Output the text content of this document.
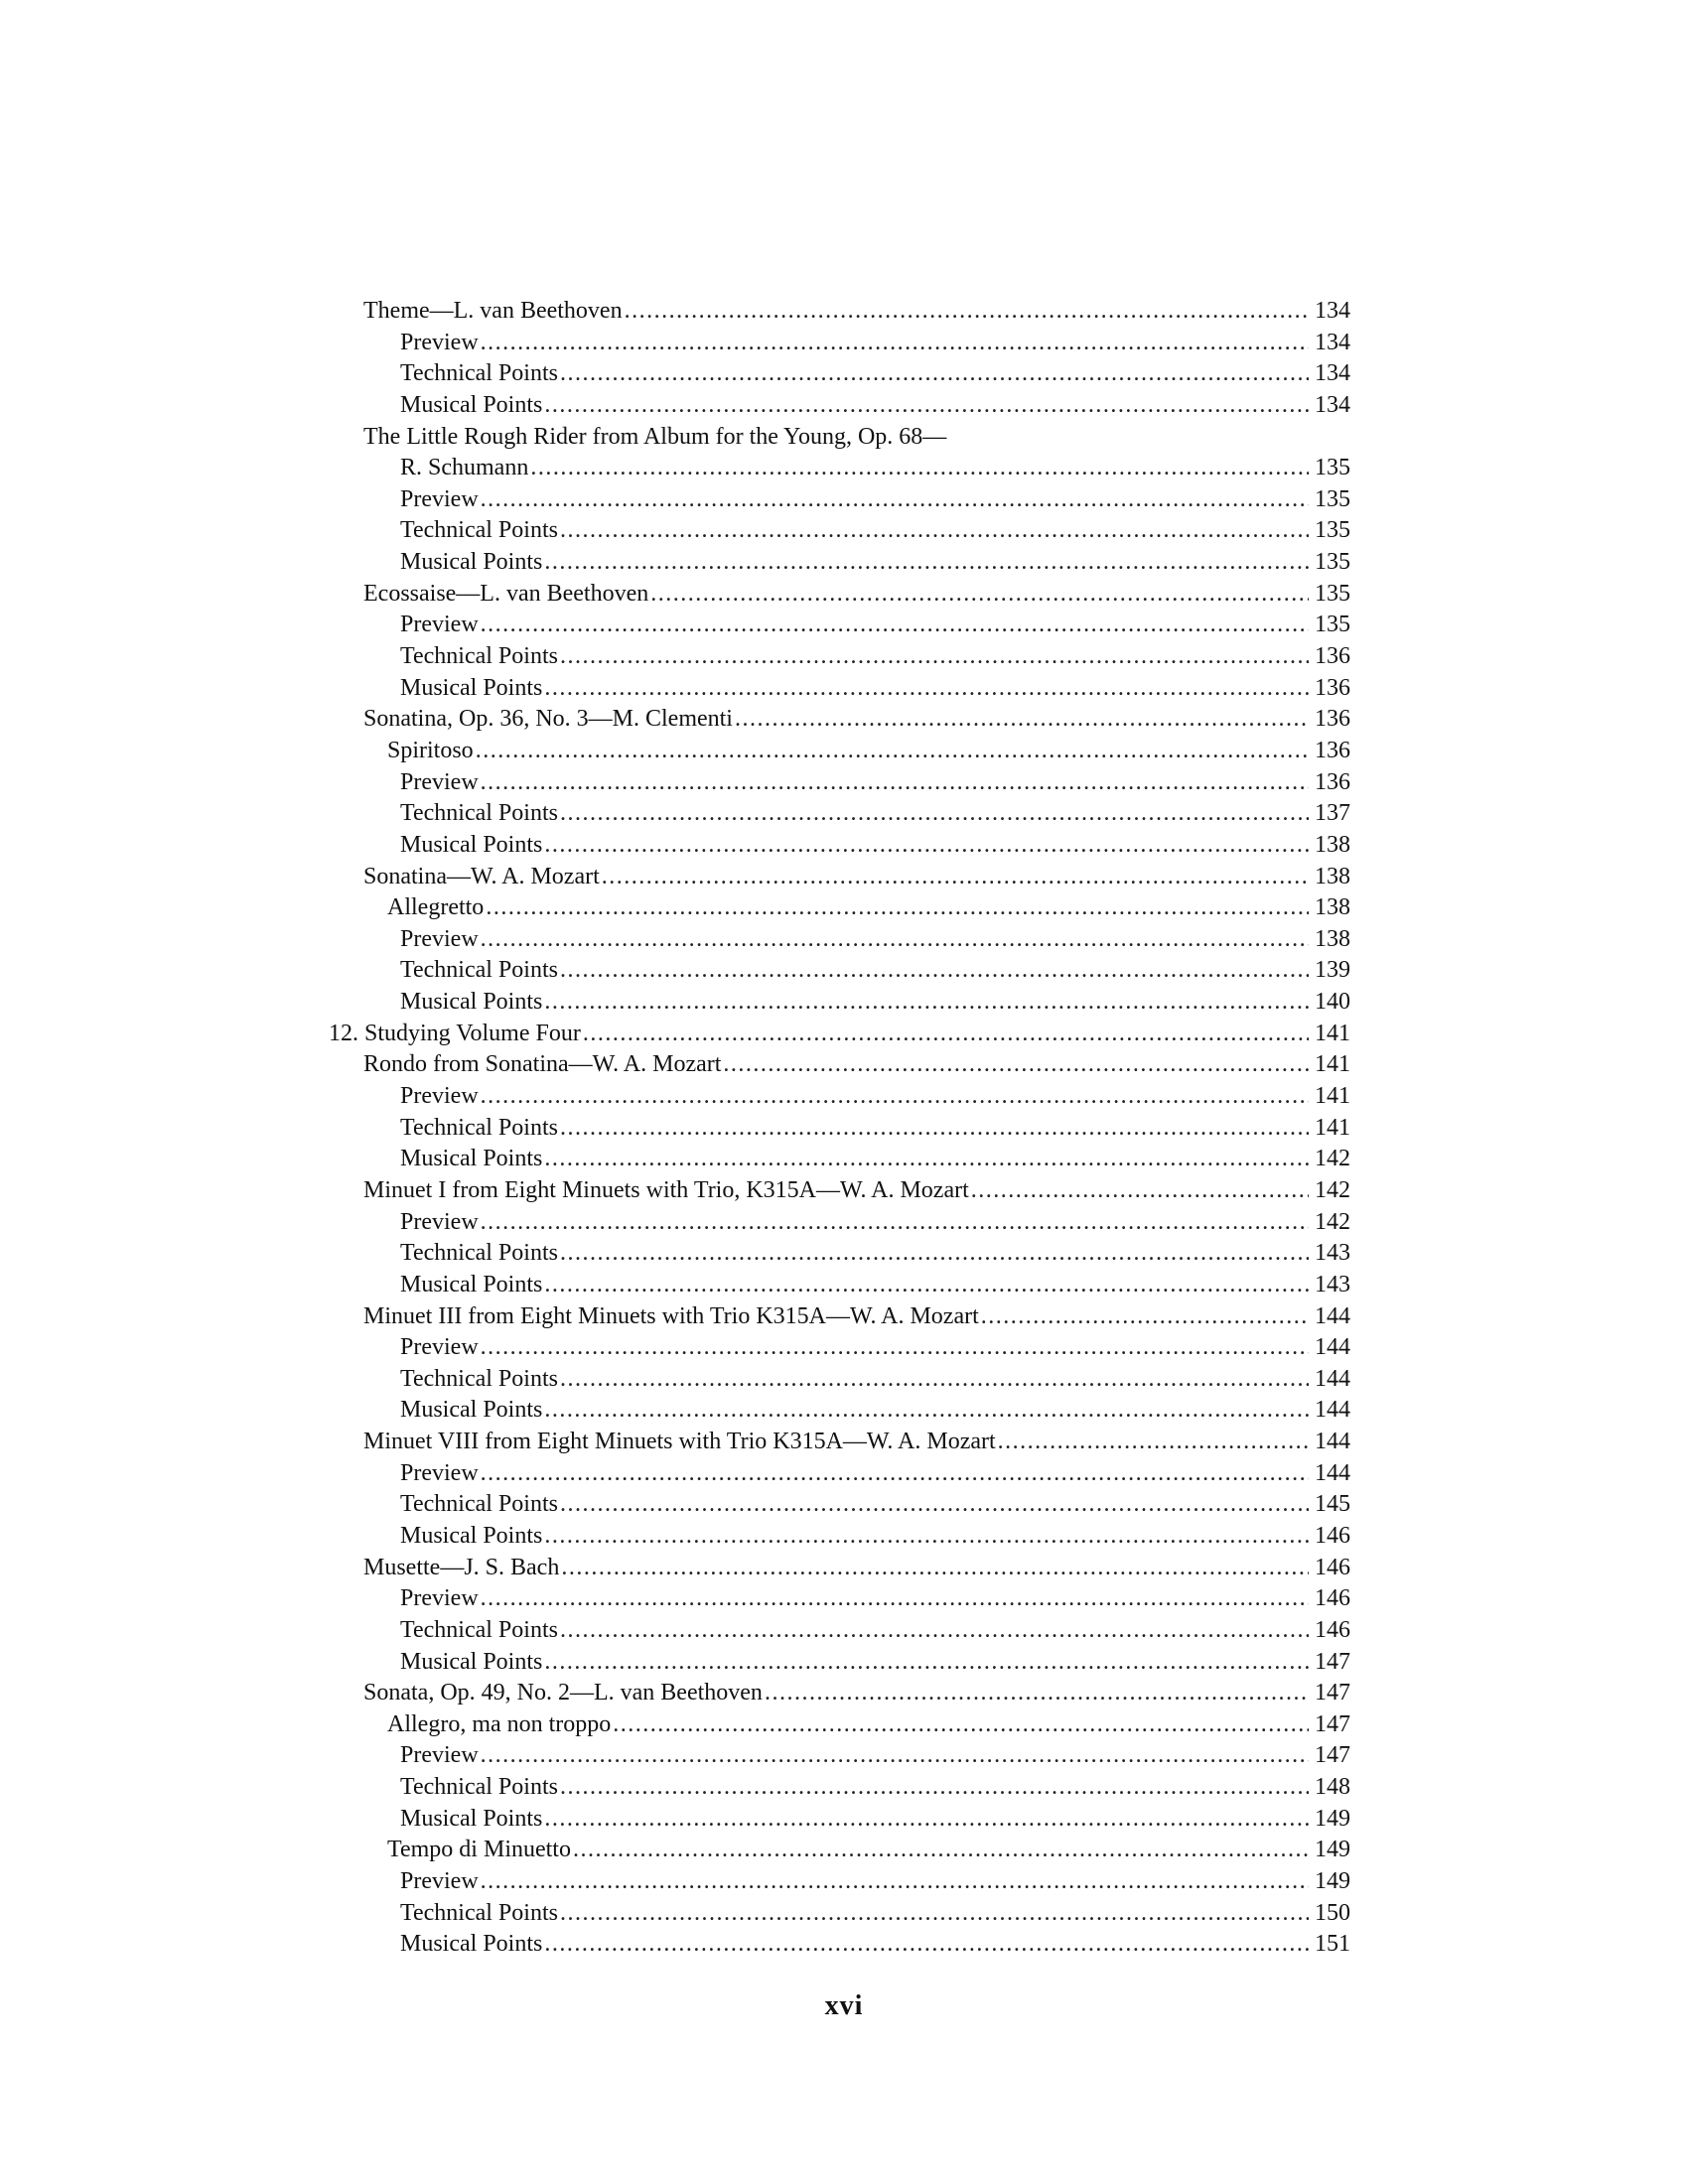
Theme—L. van Beethoven .....	134
Preview .....	134
Technical Points .....	134
Musical Points .....	134
The Little Rough Rider from Album for the Young, Op. 68—
R. Schumann .....	135
Preview .....	135
Technical Points .....	135
Musical Points .....	135
Ecossaise—L. van Beethoven .....	135
Preview .....	135
Technical Points .....	136
Musical Points .....	136
Sonatina, Op. 36, No. 3—M. Clementi .....	136
Spiritoso .....	136
Preview .....	136
Technical Points .....	137
Musical Points .....	138
Sonatina—W. A. Mozart .....	138
Allegretto .....	138
Preview .....	138
Technical Points .....	139
Musical Points .....	140
12. Studying Volume Four .....	141
Rondo from Sonatina—W. A. Mozart .....	141
Preview .....	141
Technical Points .....	141
Musical Points .....	142
Minuet I from Eight Minuets with Trio, K315A—W. A. Mozart .....	142
Preview .....	142
Technical Points .....	143
Musical Points .....	143
Minuet III from Eight Minuets with Trio K315A—W. A. Mozart .....	144
Preview .....	144
Technical Points .....	144
Musical Points .....	144
Minuet VIII from Eight Minuets with Trio K315A—W. A. Mozart .....	144
Preview .....	144
Technical Points .....	145
Musical Points .....	146
Musette—J. S. Bach .....	146
Preview .....	146
Technical Points .....	146
Musical Points .....	147
Sonata, Op. 49, No. 2—L. van Beethoven .....	147
Allegro, ma non troppo .....	147
Preview .....	147
Technical Points .....	148
Musical Points .....	149
Tempo di Minuetto .....	149
Preview .....	149
Technical Points .....	150
Musical Points .....	151
xvi
